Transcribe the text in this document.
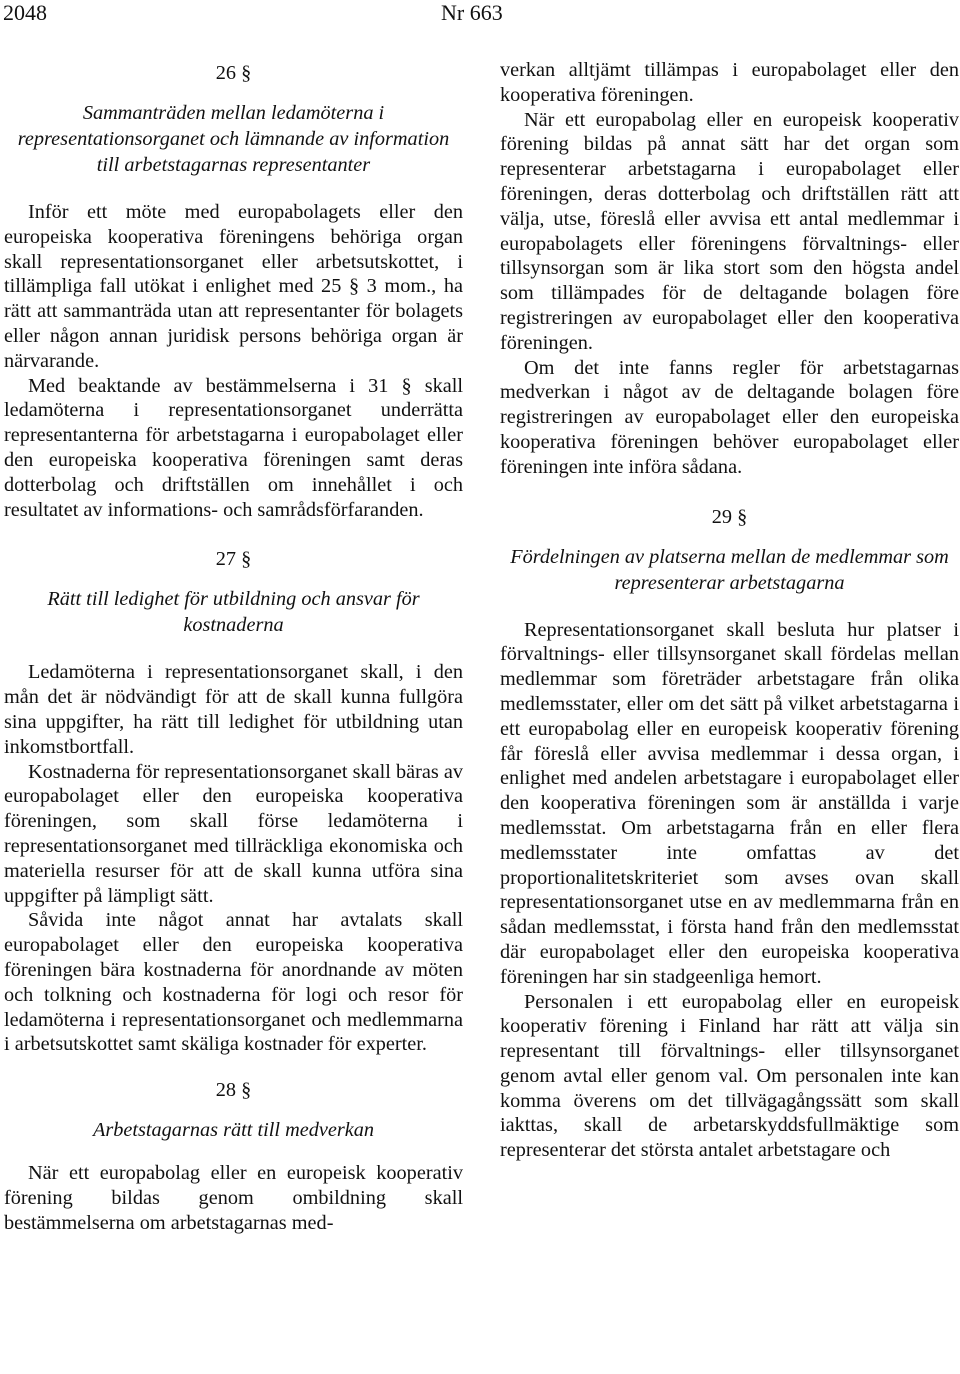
2048	Nr 663
26 §
Sammanträden mellan ledamöterna i representationsorganet och lämnande av information till arbetstagarnas representanter

Inför ett möte med europabolagets eller den europeiska kooperativa föreningens behöriga organ skall representationsorganet eller arbetsutskottet, i tillämpliga fall utökat i enlighet med 25 § 3 mom., ha rätt att sammanträda utan att representanter för bolagets eller någon annan juridisk persons behöriga organ är närvarande.

Med beaktande av bestämmelserna i 31 § skall ledamöterna i representationsorganet underrätta representanterna för arbetstagarna i europabolaget eller den europeiska kooperativa föreningen samt deras dotterbolag och driftställen om innehållet i och resultatet av informations- och samrådsförfaranden.

27 §
Rätt till ledighet för utbildning och ansvar för kostnaderna

Ledamöterna i representationsorganet skall, i den mån det är nödvändigt för att de skall kunna fullgöra sina uppgifter, ha rätt till ledighet för utbildning utan inkomstbortfall.

Kostnaderna för representationsorganet skall bäras av europabolaget eller den europeiska kooperativa föreningen, som skall förse ledamöterna i representationsorganet med tillräckliga ekonomiska och materiella resurser för att de skall kunna utföra sina uppgifter på lämpligt sätt.

Såvida inte något annat har avtalats skall europabolaget eller den europeiska kooperativa föreningen bära kostnaderna för anordnande av möten och tolkning och kostnaderna för logi och resor för ledamöterna i representationsorganet och medlemmarna i arbetsutskottet samt skäliga kostnader för experter.

28 §
Arbetstagarnas rätt till medverkan

När ett europabolag eller en europeisk kooperativ förening bildas genom ombildning skall bestämmelserna om arbetstagarnas med-

verkan alltjämt tillämpas i europabolaget eller den kooperativa föreningen.

När ett europabolag eller en europeisk kooperativ förening bildas på annat sätt har det organ som representerar arbetstagarna i europabolaget eller föreningen, deras dotterbolag och driftställen rätt att välja, utse, föreslå eller avvisa ett antal medlemmar i europabolagets eller föreningens förvaltnings- eller tillsynsorgan som är lika stort som den högsta andel som tillämpades för de deltagande bolagen före registreringen av europabolaget eller den kooperativa föreningen.

Om det inte fanns regler för arbetstagarnas medverkan i något av de deltagande bolagen före registreringen av europabolaget eller den europeiska kooperativa föreningen behöver europabolaget eller föreningen inte införa sådana.

29 §
Fördelningen av platserna mellan de medlemmar som representerar arbetstagarna

Representationsorganet skall besluta hur platser i förvaltnings- eller tillsynsorganet skall fördelas mellan medlemmar som företräder arbetstagare från olika medlemsstater, eller om det sätt på vilket arbetstagarna i ett europabolag eller en europeisk kooperativ förening får föreslå eller avvisa medlemmar i dessa organ, i enlighet med andelen arbetstagare i europabolaget eller den kooperativa föreningen som är anställda i varje medlemsstat. Om arbetstagarna från en eller flera medlemsstater inte omfattas av det proportionalitetskriteriet som avses ovan skall representationsorganet utse en av medlemmarna från en sådan medlemsstat, i första hand från den medlemsstat där europabolaget eller den europeiska kooperativa föreningen har sin stadgeenliga hemort.

Personalen i ett europabolag eller en europeisk kooperativ förening i Finland har rätt att välja sin representant till förvaltnings- eller tillsynsorganet genom avtal eller genom val. Om personalen inte kan komma överens om det tillvägagångssätt som skall iakttas, skall de arbetarskyddsfullmäktige som representerar det största antalet arbetstagare och
